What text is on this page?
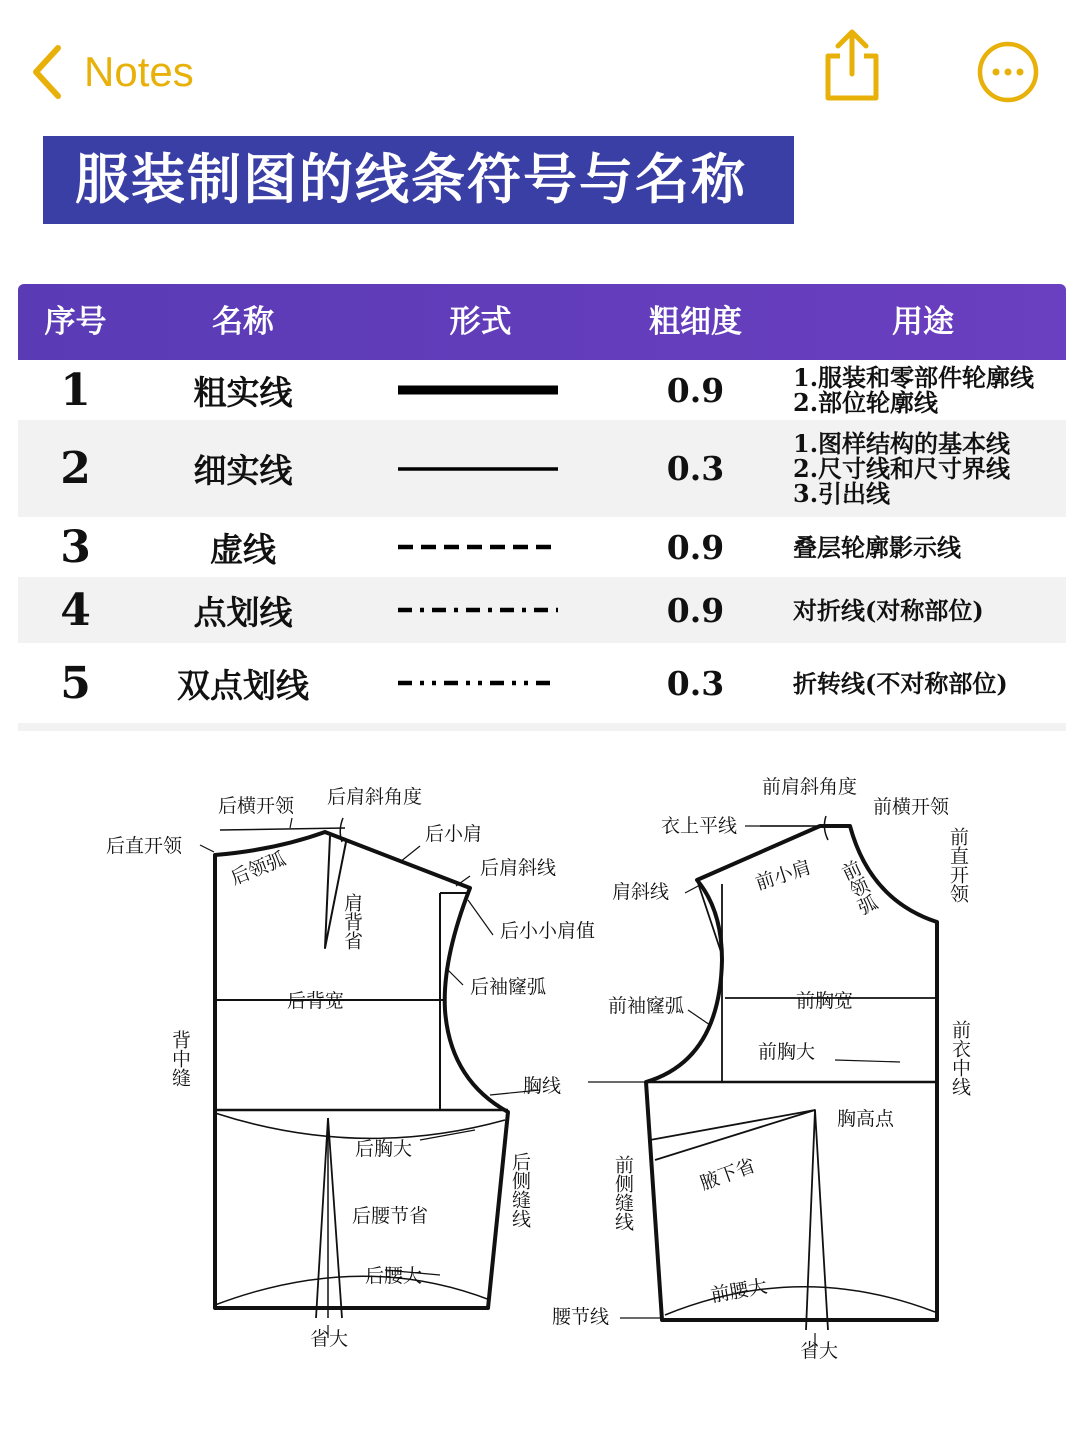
Notes
服装制图的线条符号与名称
序号	名称	形式	粗细度	用途
1	粗实线	0.9	1.服装和零部件轮廓线
2.部位轮廓线
2	细实线	0.3
1.图样结构的基本线
2.尺寸线和尺寸界线
3.引出线
3	虚线	0.9	叠层轮廓影示线
4	点划线	0.9	对折线(对称部位)
5	双点划线	0.3	折转线(不对称部位)
后横开领 后肩斜角度
后直开领
后小肩
后领弧	后肩斜线
肩背省	后小小肩值
后背宽
后袖窿弧
背中缝	胸线
后胸大
后侧缝线
后腰节省
后腰大
省大
前肩斜角度
前横开领
衣上平线
前直开领
前小肩
肩斜线	前领弧
前袖窿弧	前胸宽
前衣中线
前胸大
胸高点
前侧缝线	腋下省
腰节线
前腰大
省大
